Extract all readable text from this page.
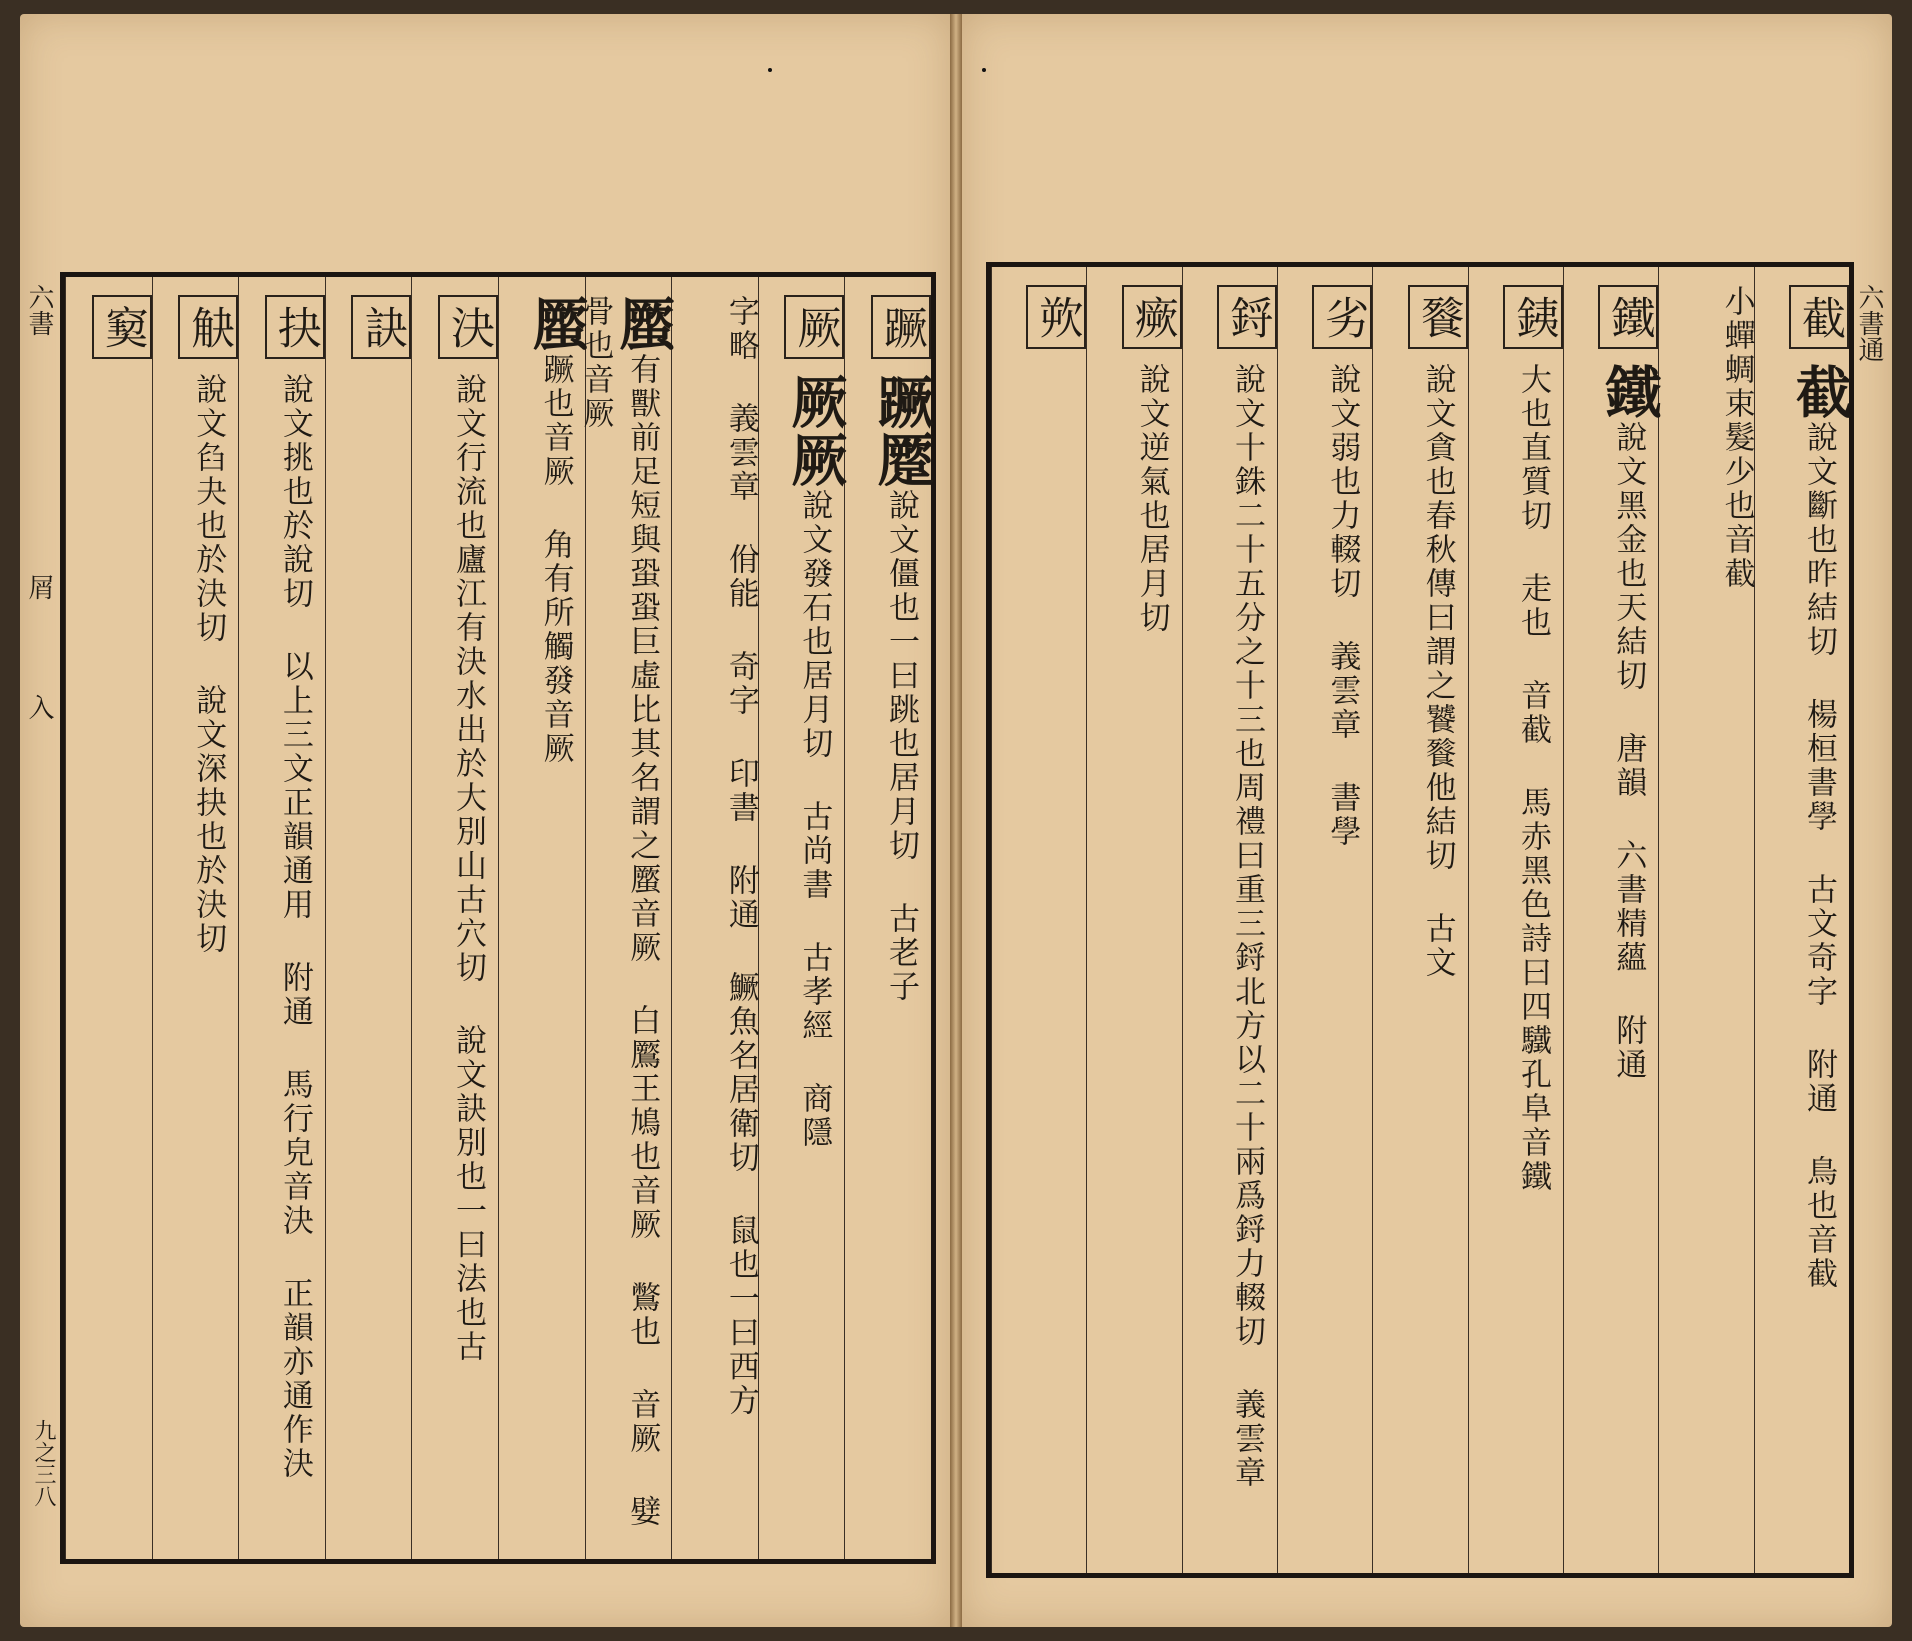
六書
屑
入
九之三八
蹶蹶蹷說文僵也一曰跳也居月切 古老子
厥厥厥說文發石也居月切 古尚書 古孝經 商隱
字略 義雲章 佾能 奇字 印書 附通 鱖魚名居衛切 鼠也一曰西方
蟨有獸前足短與蛩蛩巨虛比其名謂之蟨音厥 白鷢王鳩也音厥 鷩也 音厥 嬖骨也音厥
蟨蹶也音厥 角有所觸發音厥
決說文行流也廬江有決水出於大別山古穴切 說文訣別也一曰法也古
訣
抉說文挑也於說切 以上三文正韻通用 附通 馬行皃音決 正韻亦通作決
觖說文臽夬也於決切 說文深抉也於決切
窫	六書通
截截說文斷也昨結切 楊桓書學 古文奇字 附通 鳥也音截
小蟬蜩束髮少也音截
鐵鐵說文黑金也天結切 唐韻 六書精蘊 附通
銕大也直質切 走也 音截 馬赤黑色詩曰四驖孔阜音鐵
餮說文貪也春秋傳曰謂之饕餮他結切 古文
劣說文弱也力輟切 義雲章 書學
鋝說文十銖二十五分之十三也周禮曰重三鋝北方以二十兩爲鋝力輟切 義雲章
瘚說文逆氣也居月切
欮
